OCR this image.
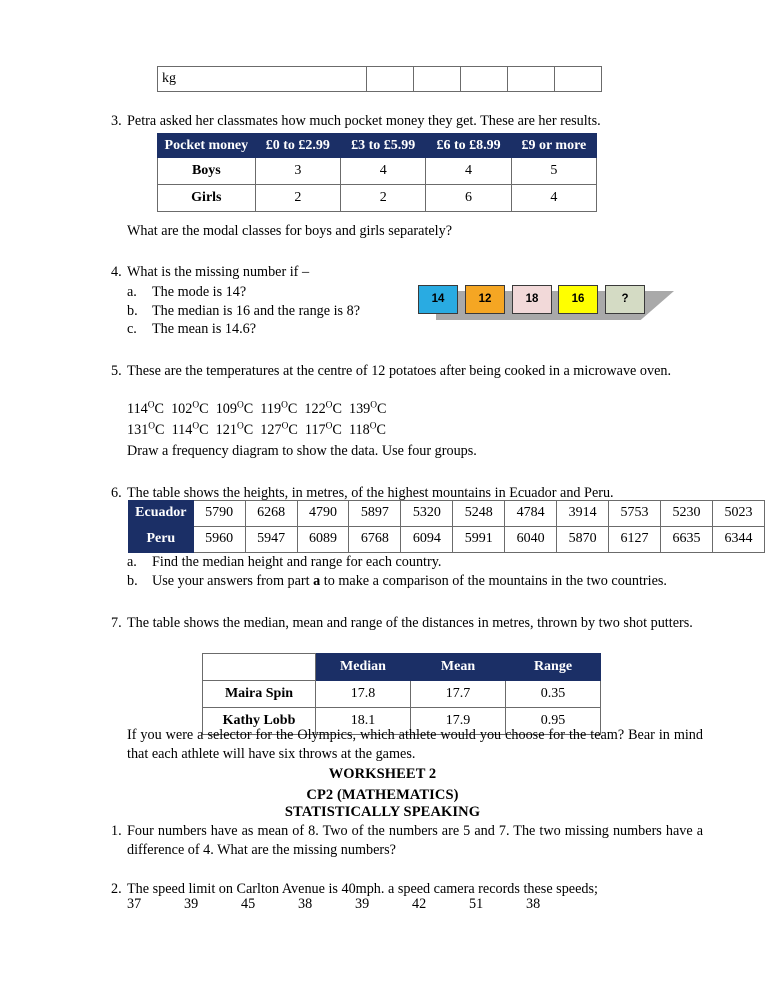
kg					
3. Petra asked her classmates how much pocket money they get. These are her results.
Pocket money	£0 to £2.99	£3 to £5.99	£6 to £8.99	£9 or more
Boys	3	4	4	5
Girls	2	2	6	4
What are the modal classes for boys and girls separately?
4. What is the missing number if –
a.	The mode is 14?
b.	The median is 16 and the range is 8?
c.	The mean is 14.6?
14	12	18	16	?
5. These are the temperatures at the centre of 12 potatoes after being cooked in a microwave oven.
$114^OC$  $102^OC$  $109^OC$  $119^OC$  $122^OC$  $139^OC$
$131^OC$  $114^OC$  $121^OC$  $127^OC$  $117^OC$  $118^OC$
Draw a frequency diagram to show the data. Use four groups.
6. The table shows the heights, in metres, of the highest mountains in Ecuador and Peru.
Ecuador	5790	6268	4790	5897	5320	5248	4784	3914	5753	5230	5023
Peru	5960	5947	6089	6768	6094	5991	6040	5870	6127	6635	6344
a.	Find the median height and range for each country.
b.	Use your answers from part a to make a comparison of the mountains in the two countries.
7. The table shows the median, mean and range of the distances in metres, thrown by two shot putters.
	Median	Mean	Range
Maira Spin	17.8	17.7	0.35
Kathy Lobb	18.1	17.9	0.95
If you were a selector for the Olympics, which athlete would you choose for the team? Bear in mind that each athlete will have six throws at the games.
WORKSHEET 2
CP2 (MATHEMATICS)
STATISTICALLY SPEAKING
1. Four numbers have as mean of 8. Two of the numbers are 5 and 7. The two missing numbers have a difference of 4. What are the missing numbers?
2. The speed limit on Carlton Avenue is 40mph. a speed camera records these speeds;
37	39	45	38	39	42	51	38
